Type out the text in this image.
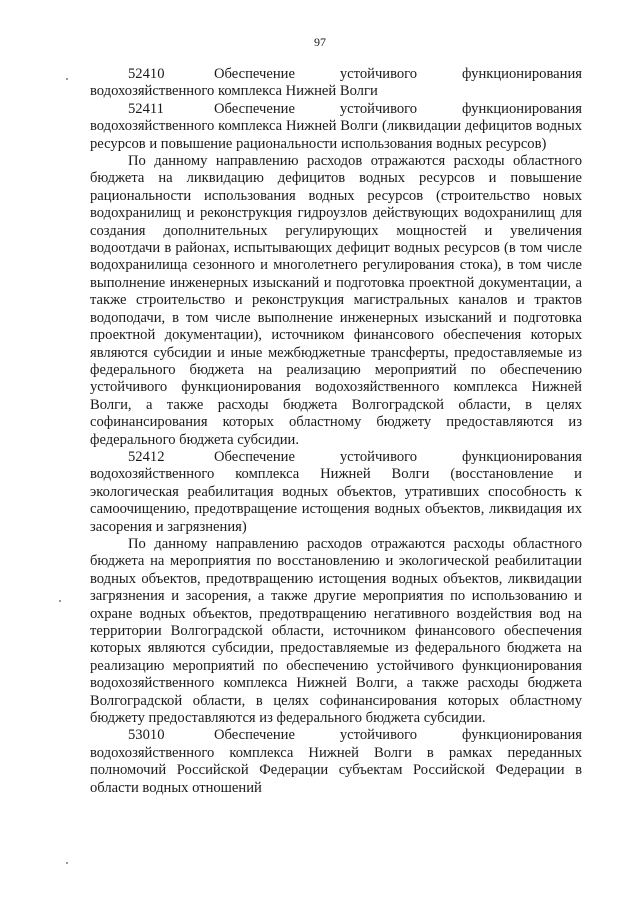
97

52410	Обеспечение устойчивого функционирования водохозяйственного комплекса Нижней Волги

52411	Обеспечение устойчивого функционирования водохозяйственного комплекса Нижней Волги (ликвидации дефицитов водных ресурсов и повышение рациональности использования водных ресурсов)

По данному направлению расходов отражаются расходы областного бюджета на ликвидацию дефицитов водных ресурсов и повышение рациональности использования водных ресурсов (строительство новых водохранилищ и реконструкция гидроузлов действующих водохранилищ для создания дополнительных регулирующих мощностей и увеличения водоотдачи в районах, испытывающих дефицит водных ресурсов (в том числе водохранилища сезонного и многолетнего регулирования стока), в том числе выполнение инженерных изысканий и подготовка проектной документации, а также строительство и реконструкция магистральных каналов и трактов водоподачи, в том числе выполнение инженерных изысканий и подготовка проектной документации), источником финансового обеспечения которых являются субсидии и иные межбюджетные трансферты, предоставляемые из федерального бюджета на реализацию мероприятий по обеспечению устойчивого функционирования водохозяйственного комплекса Нижней Волги, а также расходы бюджета Волгоградской области, в целях софинансирования которых областному бюджету предоставляются из федерального бюджета субсидии.

52412	Обеспечение устойчивого функционирования водохозяйственного комплекса Нижней Волги (восстановление и экологическая реабилитация водных объектов, утративших способность к самоочищению, предотвращение истощения водных объектов, ликвидация их засорения и загрязнения)

По данному направлению расходов отражаются расходы областного бюджета на мероприятия по восстановлению и экологической реабилитации водных объектов, предотвращению истощения водных объектов, ликвидации загрязнения и засорения, а также другие мероприятия по использованию и охране водных объектов, предотвращению негативного воздействия вод на территории Волгоградской области, источником финансового обеспечения которых являются субсидии, предоставляемые из федерального бюджета на реализацию мероприятий по обеспечению устойчивого функционирования водохозяйственного комплекса Нижней Волги, а также расходы бюджета Волгоградской области, в целях софинансирования которых областному бюджету предоставляются из федерального бюджета субсидии.

53010	Обеспечение устойчивого функционирования водохозяйственного комплекса Нижней Волги в рамках переданных полномочий Российской Федерации субъектам Российской Федерации в области водных отношений
